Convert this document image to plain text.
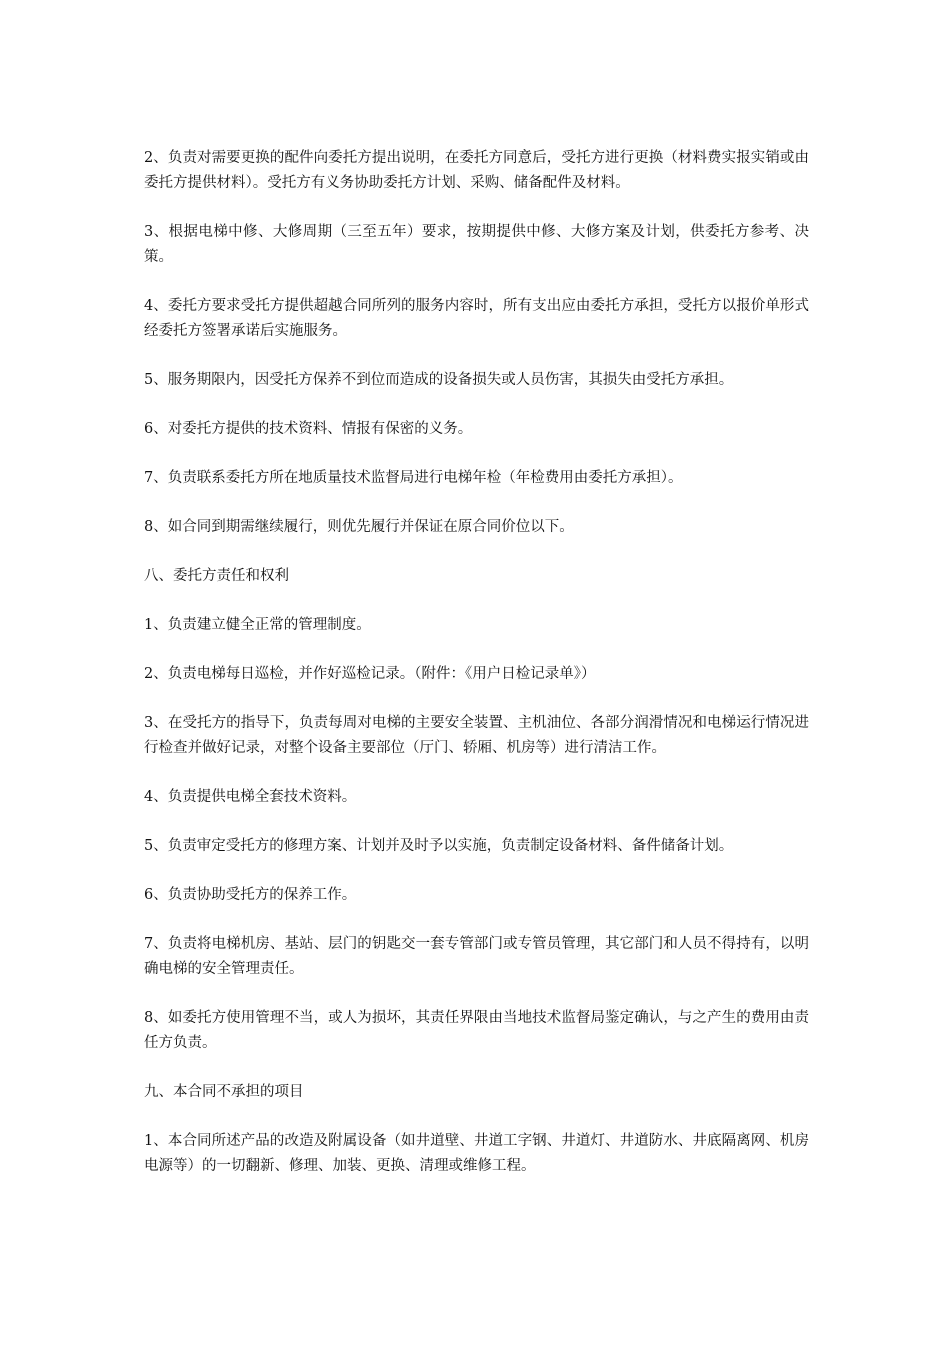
2、负责对需要更换的配件向委托方提出说明，在委托方同意后，受托方进行更换（材料费实报实销或由委托方提供材料）。受托方有义务协助委托方计划、采购、储备配件及材料。

3、根据电梯中修、大修周期（三至五年）要求，按期提供中修、大修方案及计划，供委托方参考、决策。

4、委托方要求受托方提供超越合同所列的服务内容时，所有支出应由委托方承担，受托方以报价单形式经委托方签署承诺后实施服务。

5、服务期限内，因受托方保养不到位而造成的设备损失或人员伤害，其损失由受托方承担。

6、对委托方提供的技术资料、情报有保密的义务。

7、负责联系委托方所在地质量技术监督局进行电梯年检（年检费用由委托方承担）。

8、如合同到期需继续履行，则优先履行并保证在原合同价位以下。

八、委托方责任和权利

1、负责建立健全正常的管理制度。

2、负责电梯每日巡检，并作好巡检记录。（附件：《用户日检记录单》）

3、在受托方的指导下，负责每周对电梯的主要安全装置、主机油位、各部分润滑情况和电梯运行情况进行检查并做好记录，对整个设备主要部位（厅门、轿厢、机房等）进行清洁工作。

4、负责提供电梯全套技术资料。

5、负责审定受托方的修理方案、计划并及时予以实施，负责制定设备材料、备件储备计划。

6、负责协助受托方的保养工作。

7、负责将电梯机房、基站、层门的钥匙交一套专管部门或专管员管理，其它部门和人员不得持有，以明确电梯的安全管理责任。

8、如委托方使用管理不当，或人为损坏，其责任界限由当地技术监督局鉴定确认，与之产生的费用由责任方负责。

九、本合同不承担的项目

1、本合同所述产品的改造及附属设备（如井道壁、井道工字钢、井道灯、井道防水、井底隔离网、机房电源等）的一切翻新、修理、加装、更换、清理或维修工程。
